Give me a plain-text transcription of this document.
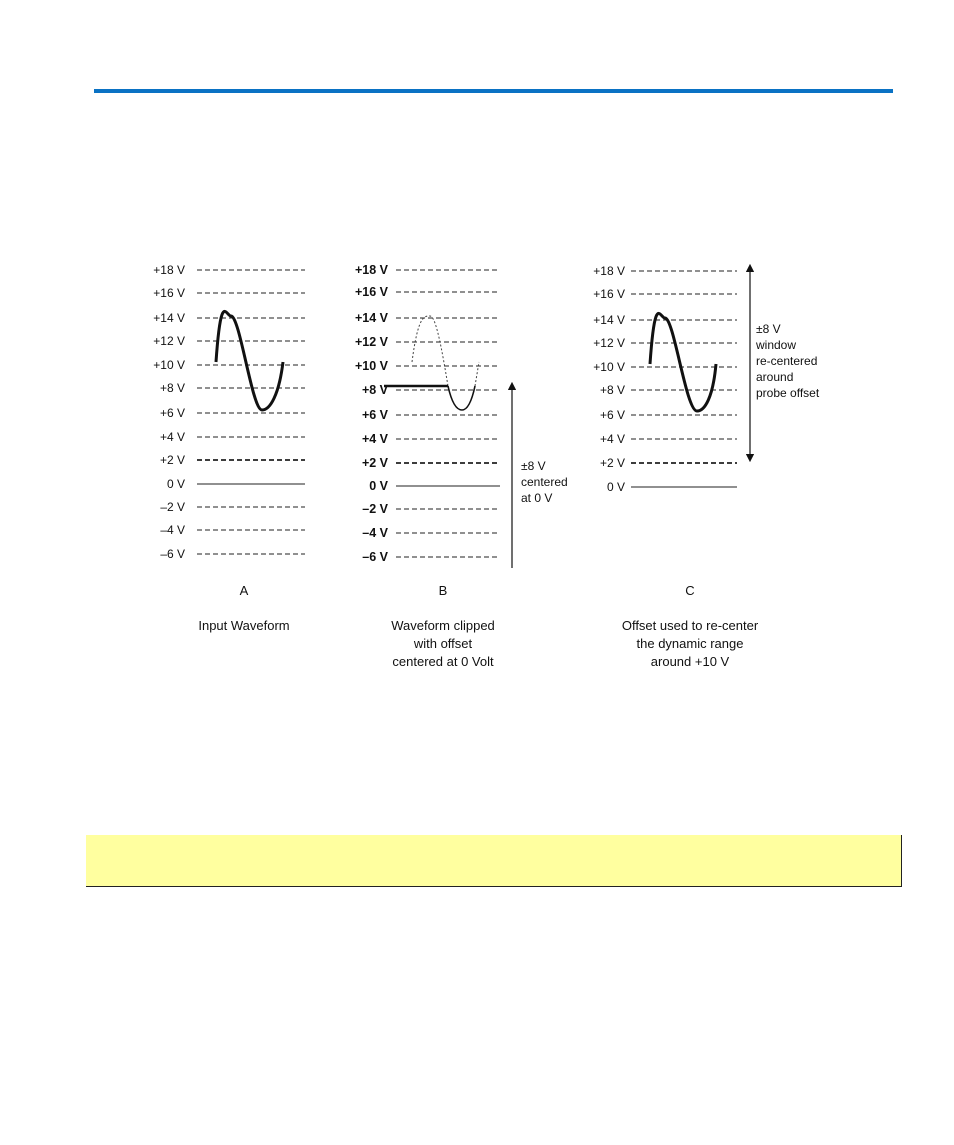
+18 V
+16 V
+14 V
+12 V
+10 V
+8 V
+6 V
+4 V
+2 V
0 V
–2 V
–4 V
–6 V
A
Input Waveform
+18 V
+16 V
+14 V
+12 V
+10 V
+8 V
+6 V
+4 V
+2 V
0 V
–2 V
–4 V
–6 V
±8 V
centered
at 0 V
B
Waveform clipped
with offset
centered at 0 Volt
+18 V
+16 V
+14 V
+12 V
+10 V
+8 V
+6 V
+4 V
+2 V
0 V
±8 V
window
re-centered
around
probe offset
C
Offset used to re-center
the dynamic range
around +10 V
